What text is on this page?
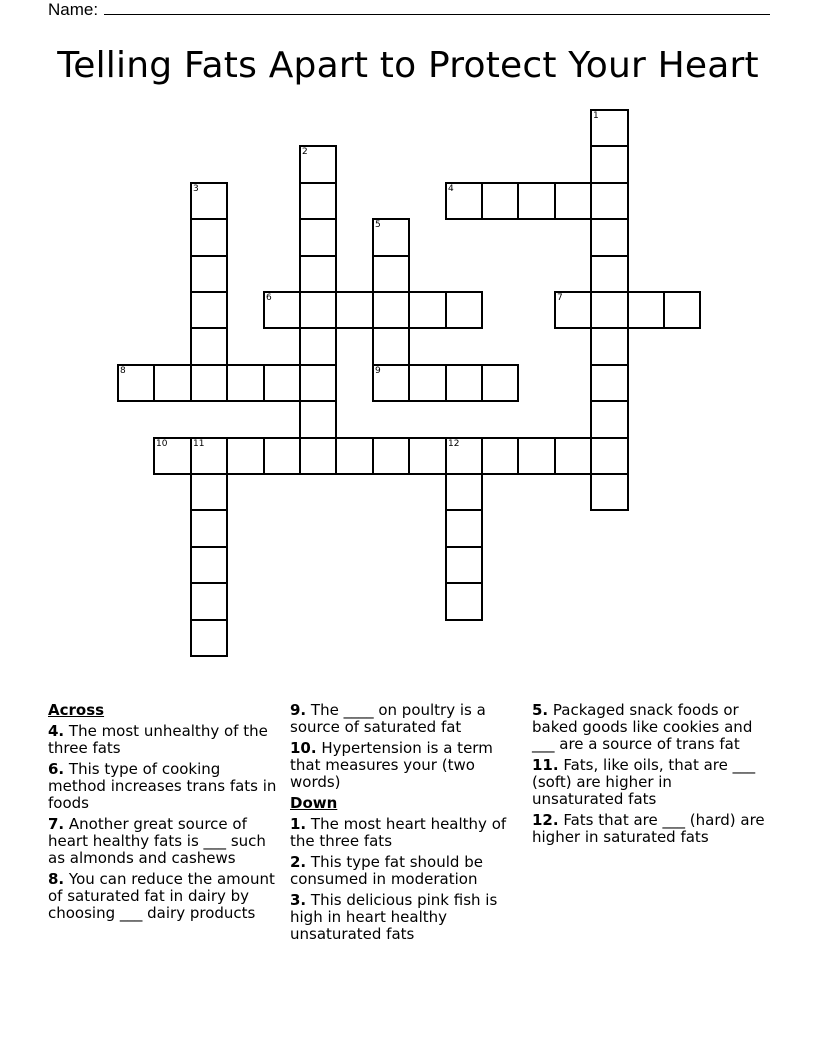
Name:
Telling Fats Apart to Protect Your Heart
1
2
3	4
5
9
6	7
8
10	11	12
Across
4. The most unhealthy of the three fats
6. This type of cooking method increases trans fats in foods
7. Another great source of heart healthy fats is ___ such as almonds and cashews
8. You can reduce the amount of saturated fat in dairy by choosing ___ dairy products
9. The ____ on poultry is a source of saturated fat
10. Hypertension is a term that measures your (two words)
Down
1. The most heart healthy of the three fats
2. This type fat should be consumed in moderation
3. This delicious pink fish is high in heart healthy unsaturated fats
5. Packaged snack foods or baked goods like cookies and ___ are a source of trans fat
11. Fats, like oils, that are ___ (soft) are higher in unsaturated fats
12. Fats that are ___ (hard) are higher in saturated fats
